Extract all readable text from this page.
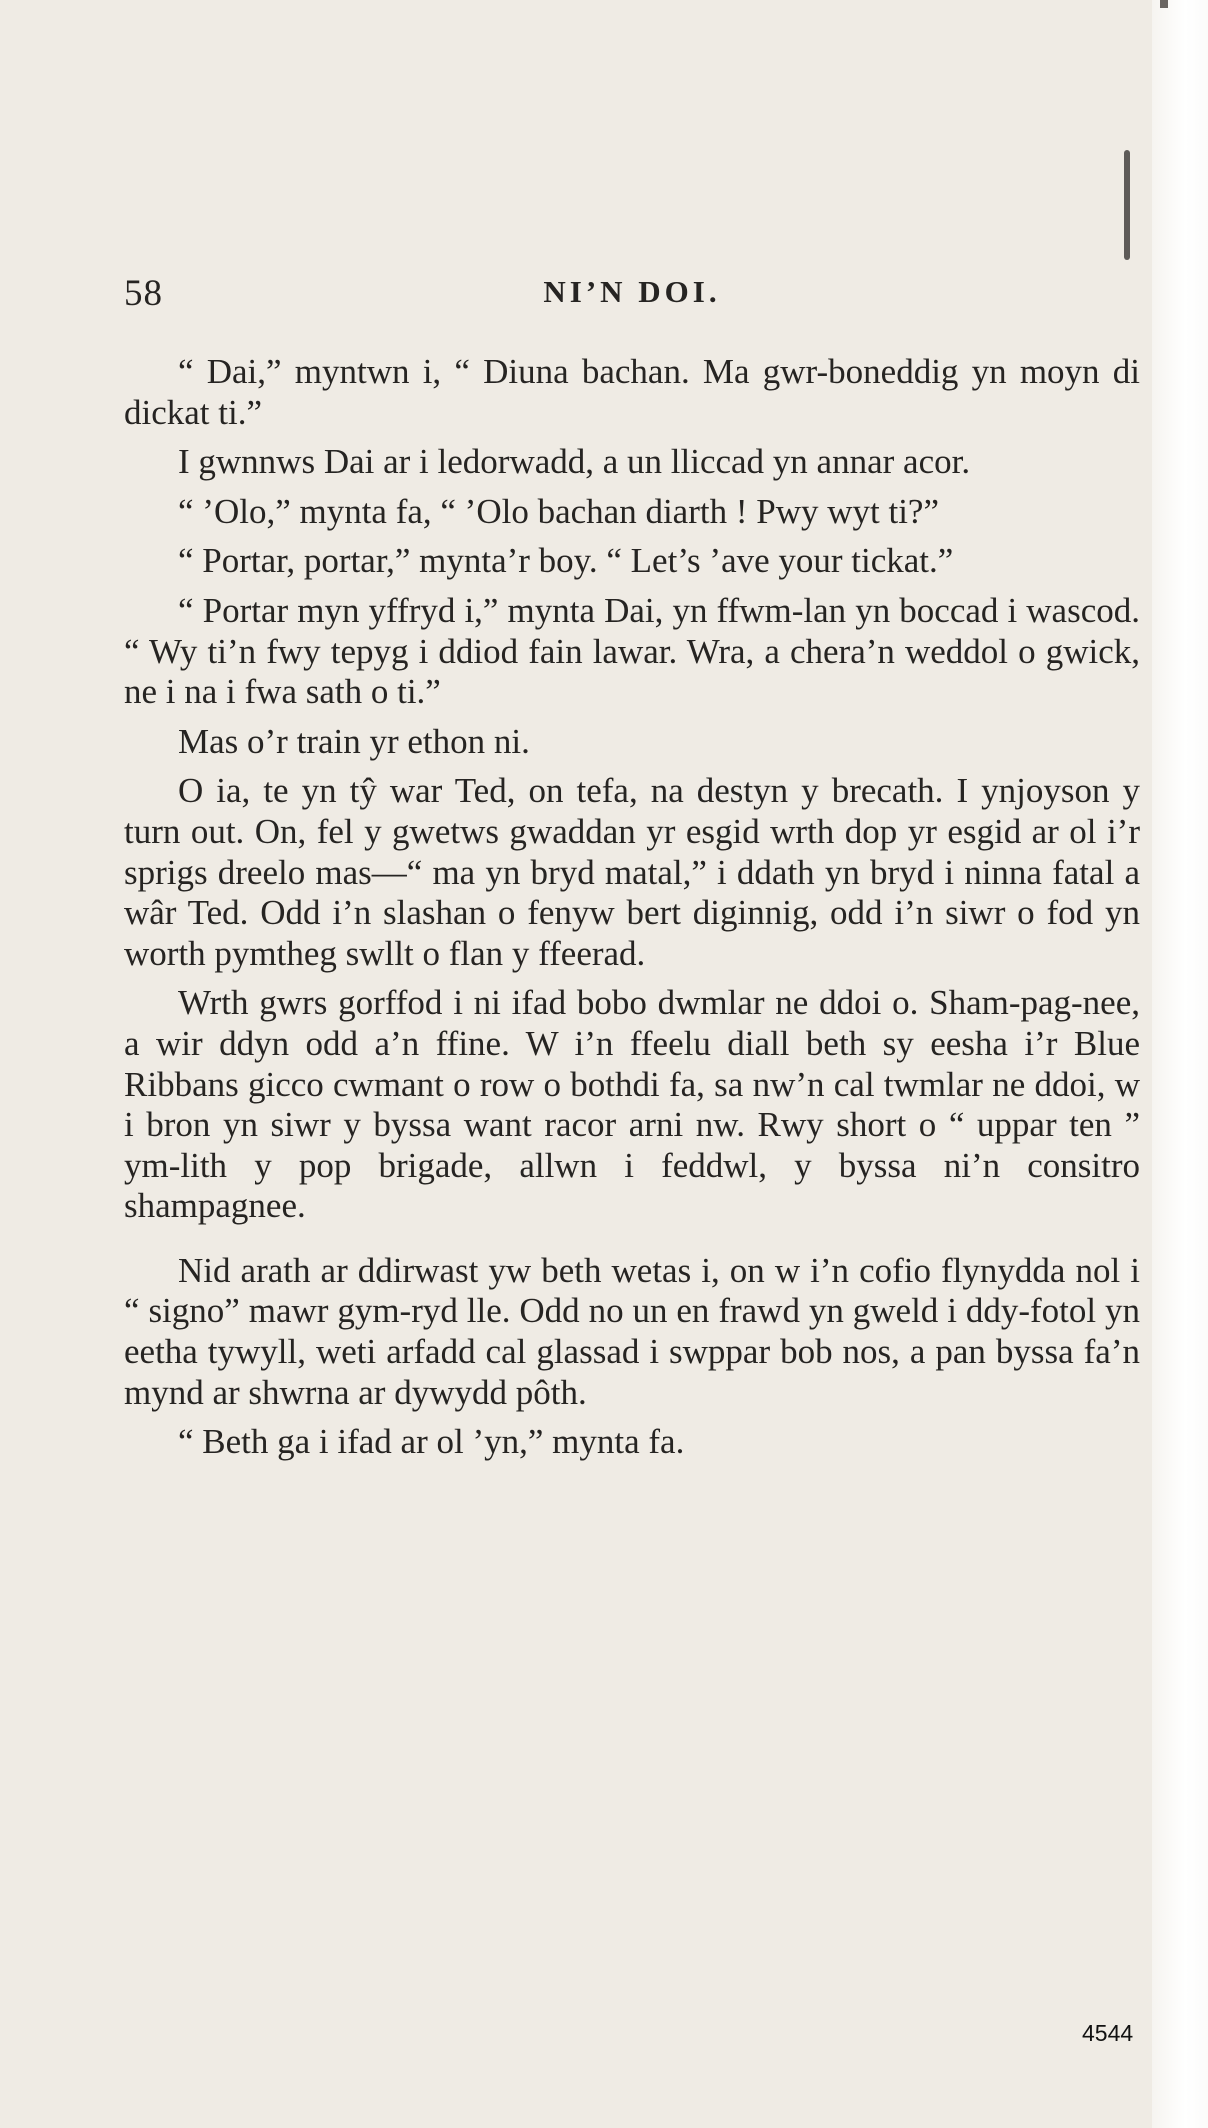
58	NI’N DOI.

“ Dai,” myntwn i, “ Diuna bachan. Ma gwr-boneddig yn moyn di dickat ti.”

I gwnnws Dai ar i ledorwadd, a un lliccad yn annar acor.

“ ’Olo,” mynta fa, “ ’Olo bachan diarth ! Pwy wyt ti?”

“ Portar, portar,” mynta’r boy. “ Let’s ’ave your tickat.”

“ Portar myn yffryd i,” mynta Dai, yn ffwm-lan yn boccad i wascod. “ Wy ti’n fwy tepyg i ddiod fain lawar. Wra, a chera’n weddol o gwick, ne i na i fwa sath o ti.”

Mas o’r train yr ethon ni.

O ia, te yn tŷ war Ted, on tefa, na destyn y brecath. I ynjoyson y turn out. On, fel y gwetws gwaddan yr esgid wrth dop yr esgid ar ol i’r sprigs dreelo mas—“ ma yn bryd matal,” i ddath yn bryd i ninna fatal a wâr Ted. Odd i’n slashan o fenyw bert diginnig, odd i’n siwr o fod yn worth pymtheg swllt o flan y ffeerad.

Wrth gwrs gorffod i ni ifad bobo dwmlar ne ddoi o. Sham-pag-nee, a wir ddyn odd a’n ffine. W i’n ffeelu diall beth sy eesha i’r Blue Ribbans gicco cwmant o row o bothdi fa, sa nw’n cal twmlar ne ddoi, w i bron yn siwr y byssa want racor arni nw. Rwy short o “ uppar ten ” ym-lith y pop brigade, allwn i feddwl, y byssa ni’n consitro shampagnee.

Nid arath ar ddirwast yw beth wetas i, on w i’n cofio flynydda nol i “ signo” mawr gym-ryd lle. Odd no un en frawd yn gweld i ddy-fotol yn eetha tywyll, weti arfadd cal glassad i swppar bob nos, a pan byssa fa’n mynd ar shwrna ar dywydd pôth.

“ Beth ga i ifad ar ol ’yn,” mynta fa.

4544
